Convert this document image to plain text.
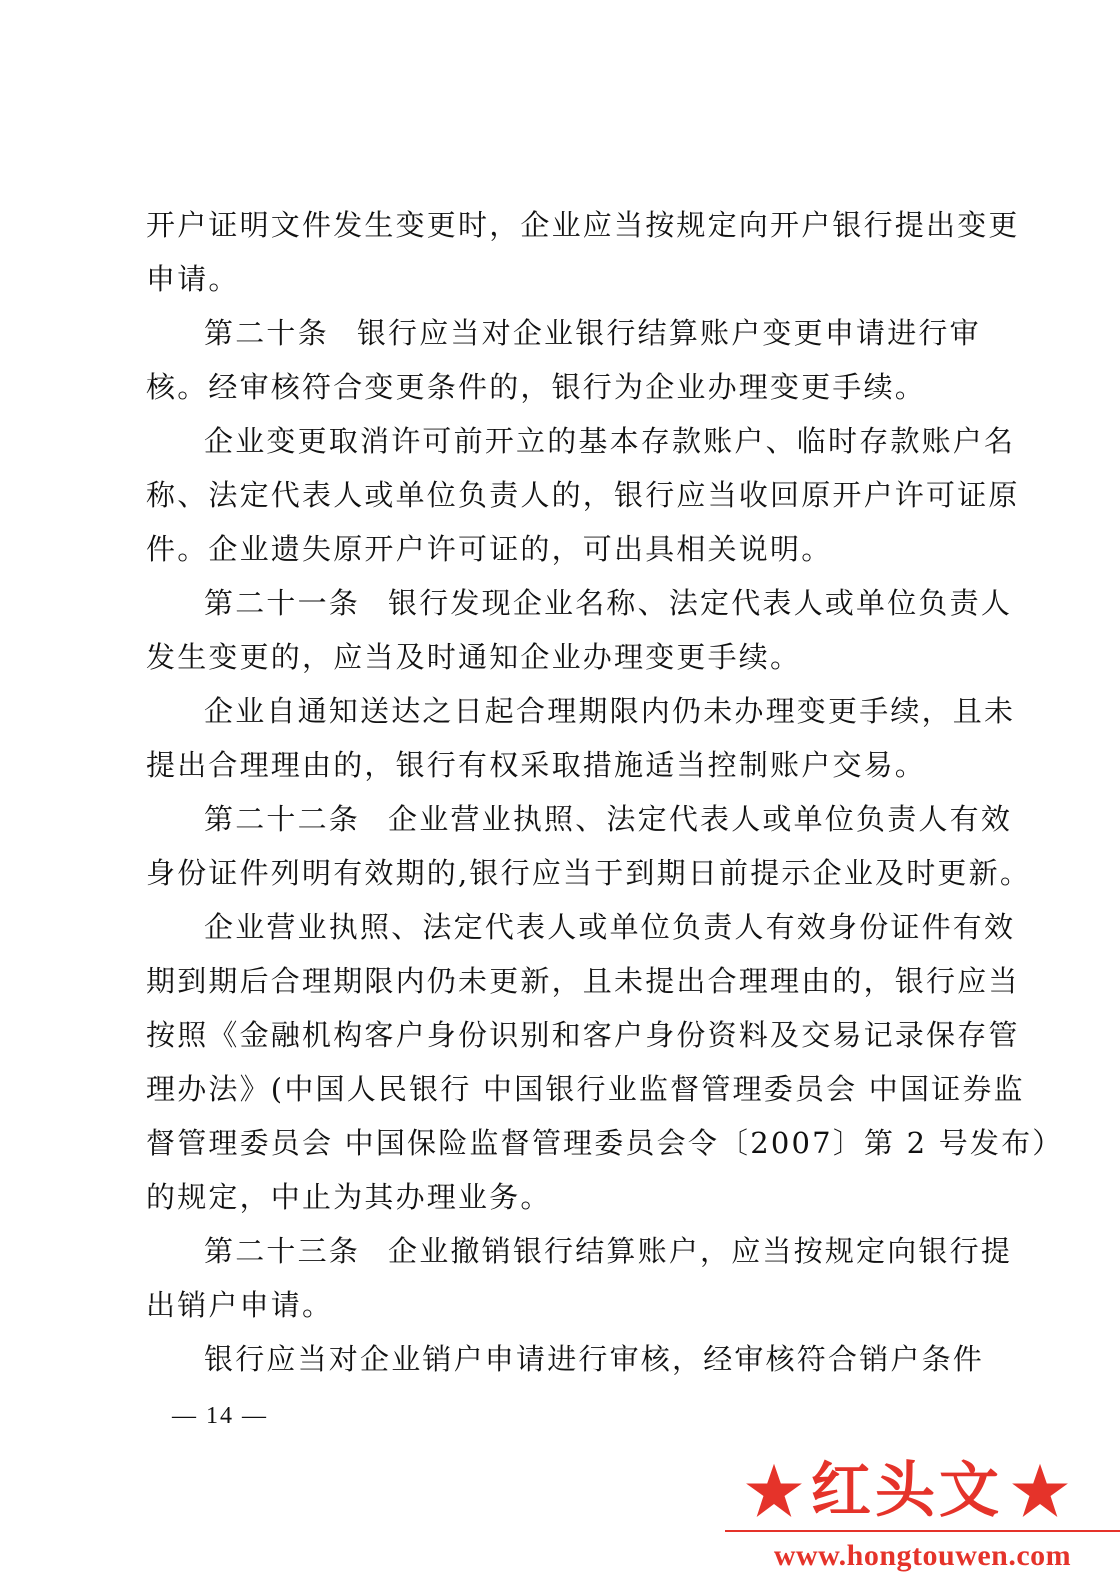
开户证明文件发生变更时，企业应当按规定向开户银行提出变更
申请。
第二十条 银行应当对企业银行结算账户变更申请进行审
核。经审核符合变更条件的，银行为企业办理变更手续。
企业变更取消许可前开立的基本存款账户、临时存款账户名
称、法定代表人或单位负责人的，银行应当收回原开户许可证原
件。企业遗失原开户许可证的，可出具相关说明。
第二十一条 银行发现企业名称、法定代表人或单位负责人
发生变更的，应当及时通知企业办理变更手续。
企业自通知送达之日起合理期限内仍未办理变更手续，且未
提出合理理由的，银行有权采取措施适当控制账户交易。
第二十二条 企业营业执照、法定代表人或单位负责人有效
身份证件列明有效期的,银行应当于到期日前提示企业及时更新。
企业营业执照、法定代表人或单位负责人有效身份证件有效
期到期后合理期限内仍未更新，且未提出合理理由的，银行应当
按照《金融机构客户身份识别和客户身份资料及交易记录保存管
理办法》(中国人民银行 中国银行业监督管理委员会 中国证券监
督管理委员会 中国保险监督管理委员会令〔2007〕第 2 号发布）
的规定，中止为其办理业务。
第二十三条 企业撤销银行结算账户，应当按规定向银行提
出销户申请。
银行应当对企业销户申请进行审核，经审核符合销户条件
— 14 —
红头文
www.hongtouwen.com
